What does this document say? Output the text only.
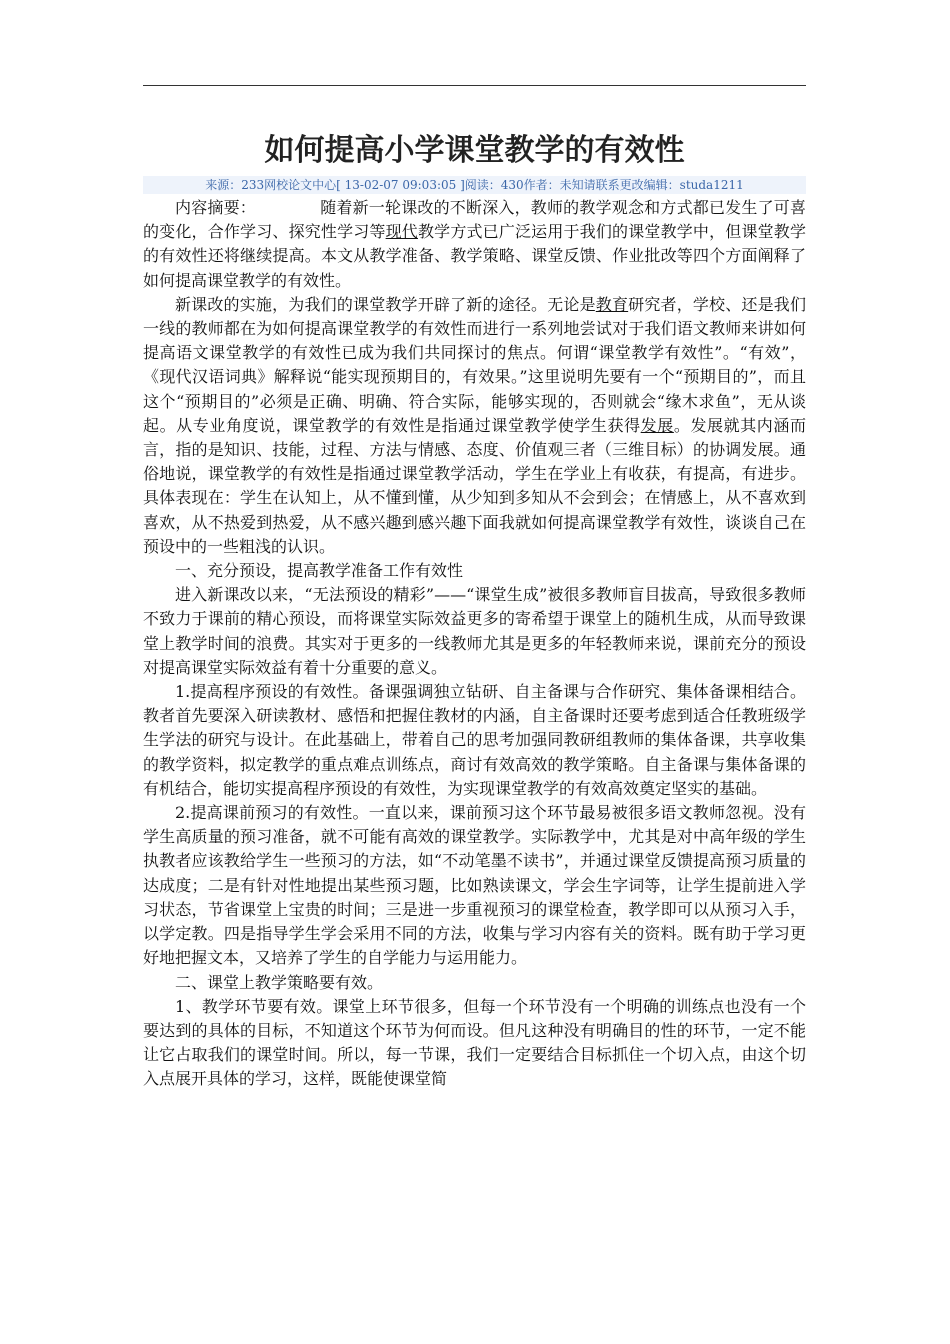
如何提高小学课堂教学的有效性
来源：233网校论文中心[ 13-02-07 09:03:05 ]阅读：430作者：未知请联系更改编辑：studa1211

内容摘要：	随着新一轮课改的不断深入，教师的教学观念和方式都已发生了可喜的变化，合作学习、探究性学习等现代教学方式已广泛运用于我们的课堂教学中，但课堂教学的有效性还将继续提高。本文从教学准备、教学策略、课堂反馈、作业批改等四个方面阐释了如何提高课堂教学的有效性。

新课改的实施，为我们的课堂教学开辟了新的途径。无论是教育研究者，学校、还是我们一线的教师都在为如何提高课堂教学的有效性而进行一系列地尝试对于我们语文教师来讲如何提高语文课堂教学的有效性已成为我们共同探讨的焦点。何谓“课堂教学有效性”。“有效”，《现代汉语词典》解释说“能实现预期目的，有效果。”这里说明先要有一个“预期目的”，而且这个“预期目的”必须是正确、明确、符合实际，能够实现的，否则就会“缘木求鱼”，无从谈起。从专业角度说，课堂教学的有效性是指通过课堂教学使学生获得发展。发展就其内涵而言，指的是知识、技能，过程、方法与情感、态度、价值观三者（三维目标）的协调发展。通俗地说，课堂教学的有效性是指通过课堂教学活动，学生在学业上有收获，有提高，有进步。具体表现在：学生在认知上，从不懂到懂，从少知到多知从不会到会；在情感上，从不喜欢到喜欢，从不热爱到热爱，从不感兴趣到感兴趣下面我就如何提高课堂教学有效性，谈谈自己在预设中的一些粗浅的认识。

一、充分预设，提高教学准备工作有效性

进入新课改以来，“无法预设的精彩”——“课堂生成”被很多教师盲目拔高，导致很多教师不致力于课前的精心预设，而将课堂实际效益更多的寄希望于课堂上的随机生成，从而导致课堂上教学时间的浪费。其实对于更多的一线教师尤其是更多的年轻教师来说，课前充分的预设对提高课堂实际效益有着十分重要的意义。

1.提高程序预设的有效性。备课强调独立钻研、自主备课与合作研究、集体备课相结合。教者首先要深入研读教材、感悟和把握住教材的内涵，自主备课时还要考虑到适合任教班级学生学法的研究与设计。在此基础上，带着自己的思考加强同教研组教师的集体备课，共享收集的教学资料，拟定教学的重点难点训练点，商讨有效高效的教学策略。自主备课与集体备课的有机结合，能切实提高程序预设的有效性，为实现课堂教学的有效高效奠定坚实的基础。

2.提高课前预习的有效性。一直以来，课前预习这个环节最易被很多语文教师忽视。没有学生高质量的预习准备，就不可能有高效的课堂教学。实际教学中，尤其是对中高年级的学生执教者应该教给学生一些预习的方法，如“不动笔墨不读书”，并通过课堂反馈提高预习质量的达成度；二是有针对性地提出某些预习题，比如熟读课文，学会生字词等，让学生提前进入学习状态，节省课堂上宝贵的时间；三是进一步重视预习的课堂检查，教学即可以从预习入手，以学定教。四是指导学生学会采用不同的方法，收集与学习内容有关的资料。既有助于学习更好地把握文本，又培养了学生的自学能力与运用能力。

二、课堂上教学策略要有效。

1、教学环节要有效。课堂上环节很多，但每一个环节没有一个明确的训练点也没有一个要达到的具体的目标，不知道这个环节为何而设。但凡这种没有明确目的性的环节，一定不能让它占取我们的课堂时间。所以，每一节课，我们一定要结合目标抓住一个切入点，由这个切入点展开具体的学习，这样，既能使课堂简
